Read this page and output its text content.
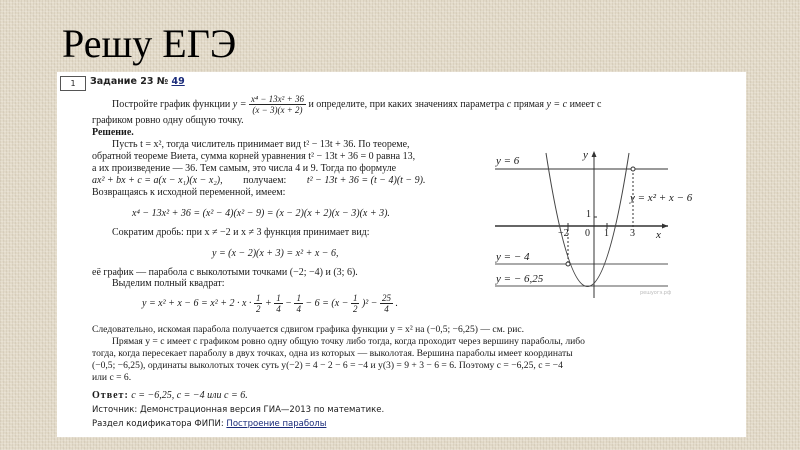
Решу ЕГЭ
1	Задание 23 № 49
Постройте график функции $y = \frac{\text{x⁴ − 13x² + 36}}{(x - 3)(x + 2)}$ и определите, при каких значениях параметра c прямая y = c имеет с
графиком ровно одну общую точку.
Решение.
Пусть t = x², тогда числитель принимает вид t² − 13t + 36. По теореме,
обратной теореме Виета, сумма корней уравнения t² − 13t + 36 = 0 равна 13,
а их произведение — 36. Тем самым, это числа 4 и 9. Тогда по формуле
ax² + bx + c = a(x − x₁)(x − x₂), получаем: t² − 13t + 36 = (t − 4)(t − 9).
Возвращаясь к исходной переменной, имеем:
x⁴ − 13x² + 36 = (x² − 4)(x² − 9) = (x − 2)(x + 2)(x − 3)(x + 3).
Сократим дробь: при x ≠ −2 и x ≠ 3 функция принимает вид:
y = (x − 2)(x + 3) = x² + x − 6,
её график — парабола с выколотыми точками (−2; −4) и (3; 6).
Выделим полный квадрат:
$y = x^2 + x - 6 = x^2 + 2 \cdot x \cdot \frac{1}{2} + \frac{1}{4} - \frac{1}{4} - 6 = (x - \frac{1}{2} )^2 - \frac{25}{4}$ .
Следовательно, искомая парабола получается сдвигом графика функции y = x² на (−0,5; −6,25) — см. рис.
Прямая y = c имеет с графиком ровно одну общую точку либо тогда, когда проходит через вершину параболы, либо
тогда, когда пересекает параболу в двух точках, одна из которых — выколотая. Вершина параболы имеет координаты
(−0,5; −6,25), ординаты выколотых точек суть y(−2) = 4 − 2 − 6 = −4 и y(3) = 9 + 3 − 6 = 6. Поэтому c = −6,25, c = −4
или c = 6.
Ответ: c = −6,25, c = −4 или c = 6.
Источник: Демонстрационная версия ГИА—2013 по математике.
Раздел кодификатора ФИПИ: Построение параболы
y = 6
y = − 4
y = − 6,25
y = x² + x − 6
y
x
1
−2 0 1 3
решуогэ.рф
